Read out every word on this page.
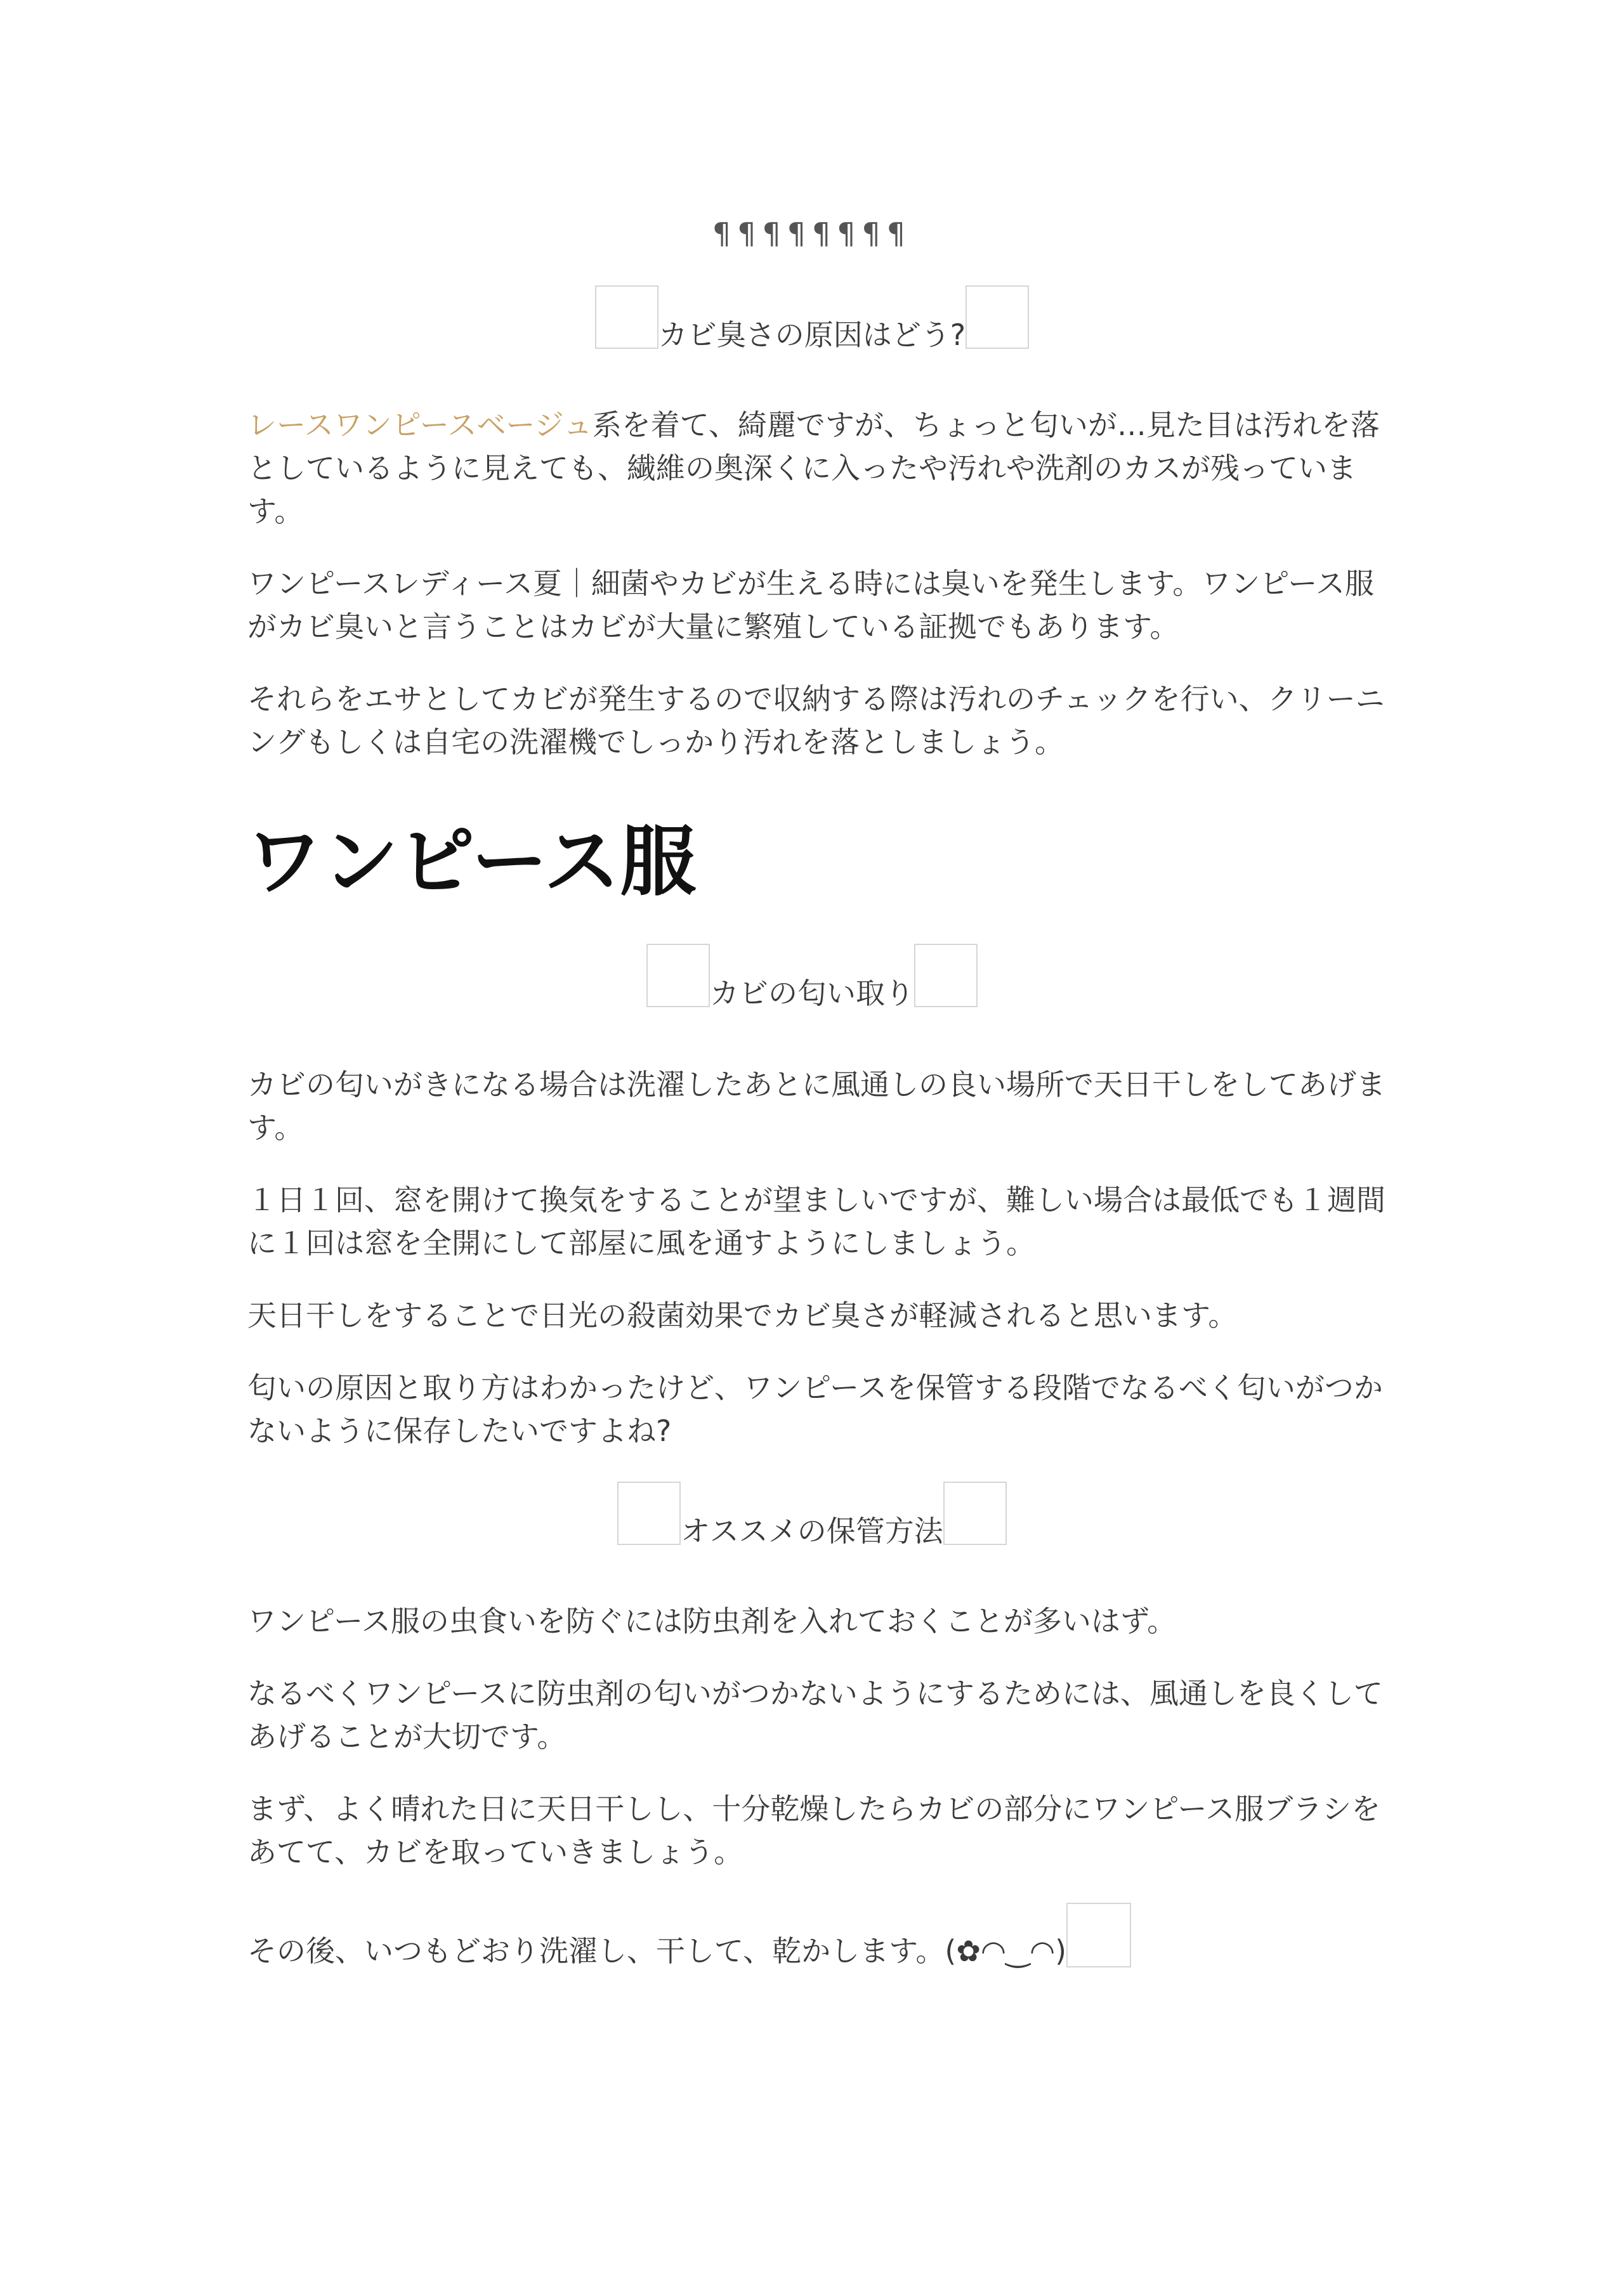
¶¶¶¶¶¶¶¶
カビ臭さの原因はどう?

レースワンピースベージュ系を着て、綺麗ですが、ちょっと匂いが…見た目は汚れを落としているように見えても、繊維の奥深くに入ったや汚れや洗剤のカスが残っています。

ワンピースレディース夏｜細菌やカビが生える時には臭いを発生します。ワンピース服がカビ臭いと言うことはカビが大量に繁殖している証拠でもあります。

それらをエサとしてカビが発生するので収納する際は汚れのチェックを行い、クリーニングもしくは自宅の洗濯機でしっかり汚れを落としましょう。

ワンピース服
カビの匂い取り

カビの匂いがきになる場合は洗濯したあとに風通しの良い場所で天日干しをしてあげます。

１日１回、窓を開けて換気をすることが望ましいですが、難しい場合は最低でも１週間に１回は窓を全開にして部屋に風を通すようにしましょう。

天日干しをすることで日光の殺菌効果でカビ臭さが軽減されると思います。

匂いの原因と取り方はわかったけど、ワンピースを保管する段階でなるべく匂いがつかないように保存したいですよね?

オススメの保管方法

ワンピース服の虫食いを防ぐには防虫剤を入れておくことが多いはず。

なるべくワンピースに防虫剤の匂いがつかないようにするためには、風通しを良くしてあげることが大切です。

まず、よく晴れた日に天日干しし、十分乾燥したらカビの部分にワンピース服ブラシをあてて、カビを取っていきましょう。

その後、いつもどおり洗濯し、干して、乾かします。(✿◠‿◠)
